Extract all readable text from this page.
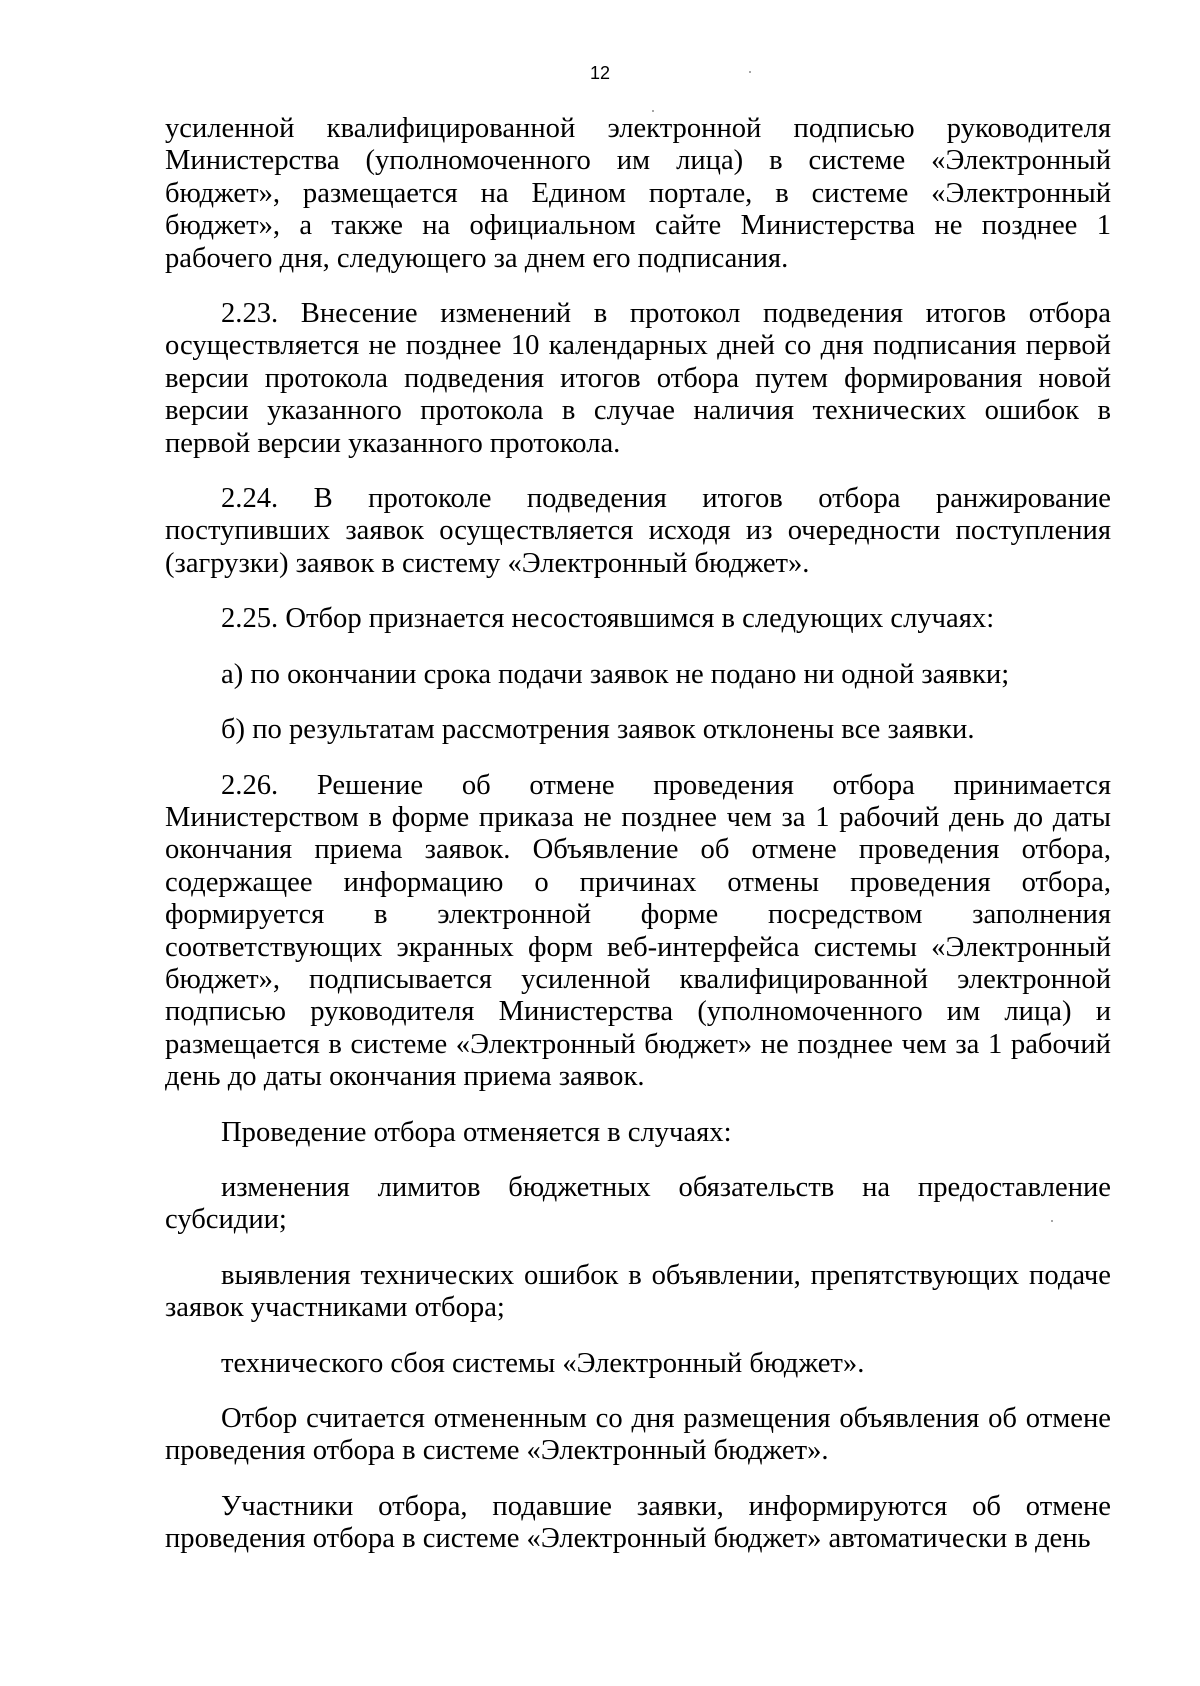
12

усиленной квалифицированной электронной подписью руководителя Министерства (уполномоченного им лица) в системе «Электронный бюджет», размещается на Едином портале, в системе «Электронный бюджет», а также на официальном сайте Министерства не позднее 1 рабочего дня, следующего за днем его подписания.

2.23. Внесение изменений в протокол подведения итогов отбора осуществляется не позднее 10 календарных дней со дня подписания первой версии протокола подведения итогов отбора путем формирования новой версии указанного протокола в случае наличия технических ошибок в первой версии указанного протокола.

2.24. В протоколе подведения итогов отбора ранжирование поступивших заявок осуществляется исходя из очередности поступления (загрузки) заявок в систему «Электронный бюджет».

2.25. Отбор признается несостоявшимся в следующих случаях:

а) по окончании срока подачи заявок не подано ни одной заявки;

б) по результатам рассмотрения заявок отклонены все заявки.

2.26. Решение об отмене проведения отбора принимается Министерством в форме приказа не позднее чем за 1 рабочий день до даты окончания приема заявок. Объявление об отмене проведения отбора, содержащее информацию о причинах отмены проведения отбора, формируется в электронной форме посредством заполнения соответствующих экранных форм веб-интерфейса системы «Электронный бюджет», подписывается усиленной квалифицированной электронной подписью руководителя Министерства (уполномоченного им лица) и размещается в системе «Электронный бюджет» не позднее чем за 1 рабочий день до даты окончания приема заявок.

Проведение отбора отменяется в случаях:

изменения лимитов бюджетных обязательств на предоставление субсидии;

выявления технических ошибок в объявлении, препятствующих подаче заявок участниками отбора;

технического сбоя системы «Электронный бюджет».

Отбор считается отмененным со дня размещения объявления об отмене проведения отбора в системе «Электронный бюджет».

Участники отбора, подавшие заявки, информируются об отмене проведения отбора в системе «Электронный бюджет» автоматически в день
